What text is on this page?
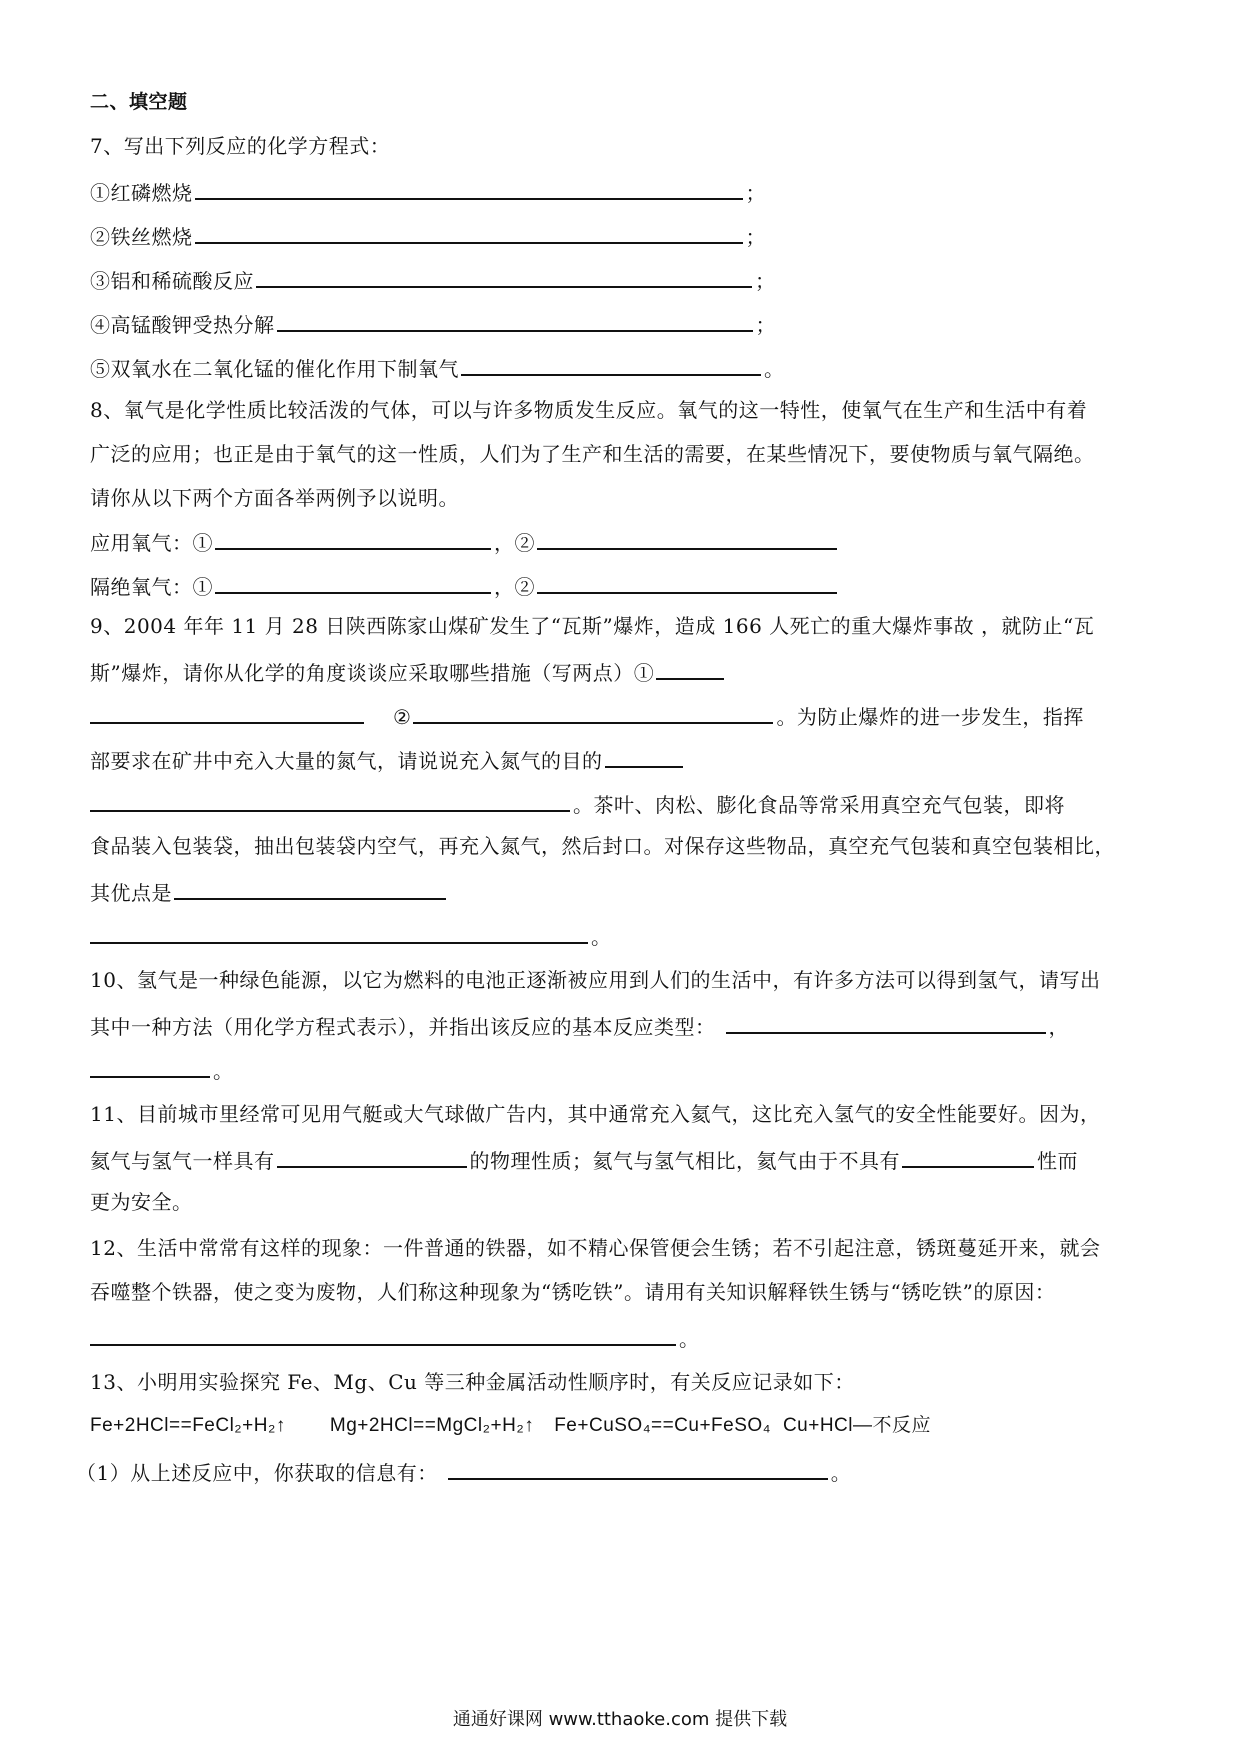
二、填空题
7、写出下列反应的化学方程式：
①红磷燃烧	；
②铁丝燃烧	；
③铝和稀硫酸反应	；
④高锰酸钾受热分解	；
⑤双氧水在二氧化锰的催化作用下制氧气	。
8、氧气是化学性质比较活泼的气体，可以与许多物质发生反应。氧气的这一特性，使氧气在生产和生活中有着
广泛的应用；也正是由于氧气的这一性质，人们为了生产和生活的需要，在某些情况下，要使物质与氧气隔绝。
请你从以下两个方面各举两例予以说明。
应用氧气：①	，②
隔绝氧气：①	，②
9、2004 年年 11 月 28 日陕西陈家山煤矿发生了“瓦斯”爆炸，造成 166 人死亡的重大爆炸事故 ，就防止“瓦
斯”爆炸，请你从化学的角度谈谈应采取哪些措施（写两点）①
②	。为防止爆炸的进一步发生，指挥
部要求在矿井中充入大量的氮气，请说说充入氮气的目的
。茶叶、肉松、膨化食品等常采用真空充气包装，即将
食品装入包装袋，抽出包装袋内空气，再充入氮气，然后封口。对保存这些物品，真空充气包装和真空包装相比，
其优点是
。
10、氢气是一种绿色能源，以它为燃料的电池正逐渐被应用到人们的生活中，有许多方法可以得到氢气，请写出
其中一种方法（用化学方程式表示），并指出该反应的基本反应类型：	，
。
11、目前城市里经常可见用气艇或大气球做广告内，其中通常充入氦气，这比充入氢气的安全性能要好。因为，
氦气与氢气一样具有	的物理性质；氦气与氢气相比，氦气由于不具有	性而
更为安全。
12、生活中常常有这样的现象：一件普通的铁器，如不精心保管便会生锈；若不引起注意，锈斑蔓延开来，就会
吞噬整个铁器，使之变为废物，人们称这种现象为“锈吃铁”。请用有关知识解释铁生锈与“锈吃铁”的原因：
。
13、小明用实验探究 Fe、Mg、Cu 等三种金属活动性顺序时，有关反应记录如下：
Fe+2HCl==FeCl₂+H₂↑ Mg+2HCl==MgCl₂+H₂↑ Fe+CuSO₄==Cu+FeSO₄ Cu+HCl—不反应
（1）从上述反应中，你获取的信息有：	。
通通好课网 www.tthaoke.com 提供下载
